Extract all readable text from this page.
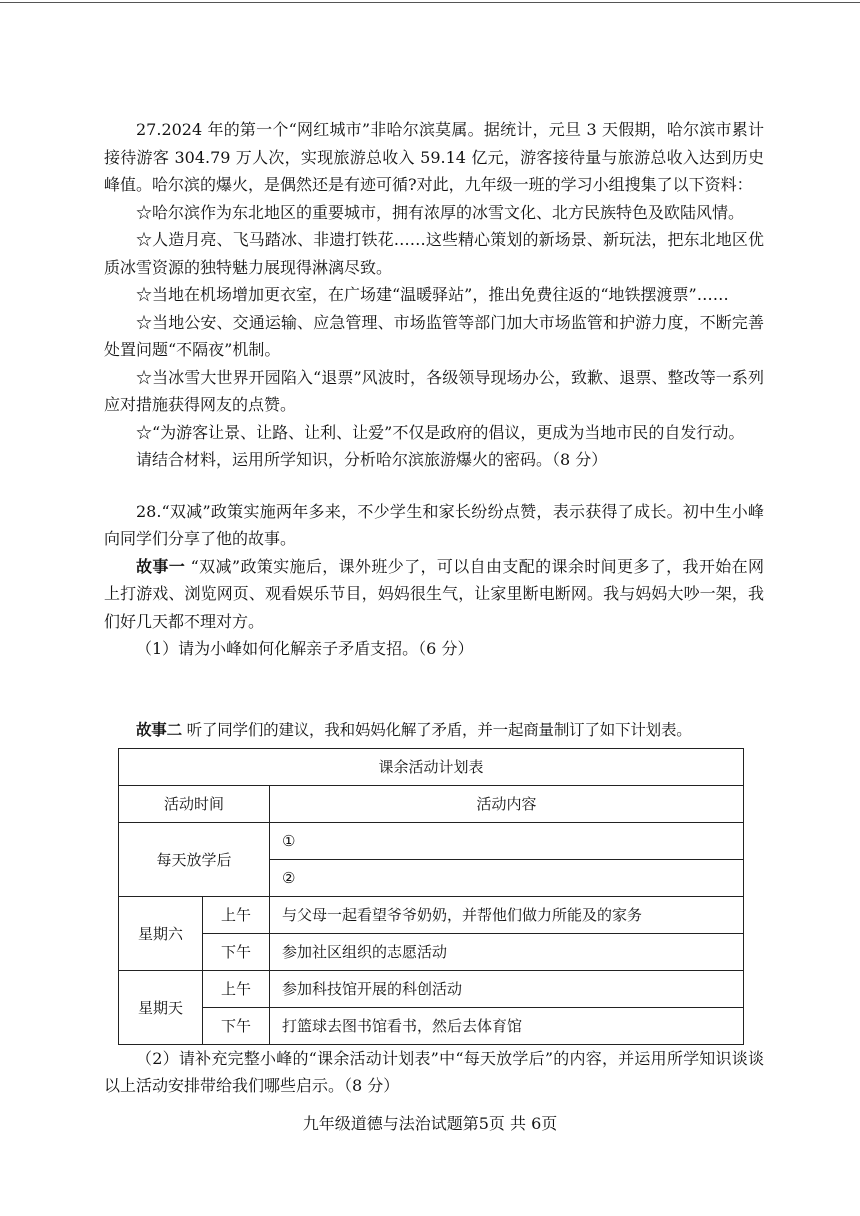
27.2024 年的第一个“网红城市”非哈尔滨莫属。据统计，元旦 3 天假期，哈尔滨市累计接待游客 304.79 万人次，实现旅游总收入 59.14 亿元，游客接待量与旅游总收入达到历史峰值。哈尔滨的爆火，是偶然还是有迹可循?对此，九年级一班的学习小组搜集了以下资料：

☆哈尔滨作为东北地区的重要城市，拥有浓厚的冰雪文化、北方民族特色及欧陆风情。

☆人造月亮、飞马踏冰、非遗打铁花……这些精心策划的新场景、新玩法，把东北地区优质冰雪资源的独特魅力展现得淋漓尽致。

☆当地在机场增加更衣室，在广场建“温暖驿站”，推出免费往返的“地铁摆渡票”……

☆当地公安、交通运输、应急管理、市场监管等部门加大市场监管和护游力度，不断完善处置问题“不隔夜”机制。

☆当冰雪大世界开园陷入“退票”风波时，各级领导现场办公，致歉、退票、整改等一系列应对措施获得网友的点赞。

☆“为游客让景、让路、让利、让爱”不仅是政府的倡议，更成为当地市民的自发行动。

请结合材料，运用所学知识，分析哈尔滨旅游爆火的密码。（8 分）

28.“双减”政策实施两年多来，不少学生和家长纷纷点赞，表示获得了成长。初中生小峰向同学们分享了他的故事。

故事一 “双减”政策实施后，课外班少了，可以自由支配的课余时间更多了，我开始在网上打游戏、浏览网页、观看娱乐节目，妈妈很生气，让家里断电断网。我与妈妈大吵一架，我们好几天都不理对方。

（1）请为小峰如何化解亲子矛盾支招。（6 分）

故事二 听了同学们的建议，我和妈妈化解了矛盾，并一起商量制订了如下计划表。

课余活动计划表		
活动时间		活动内容
每天放学后		①
		②
星期六	上午	与父母一起看望爷爷奶奶，并帮他们做力所能及的家务
	下午	参加社区组织的志愿活动
星期天	上午	参加科技馆开展的科创活动
	下午	打篮球去图书馆看书，然后去体育馆

（2）请补充完整小峰的“课余活动计划表”中“每天放学后”的内容，并运用所学知识谈谈以上活动安排带给我们哪些启示。（8 分）

九年级道德与法治试题第5页 共 6页
